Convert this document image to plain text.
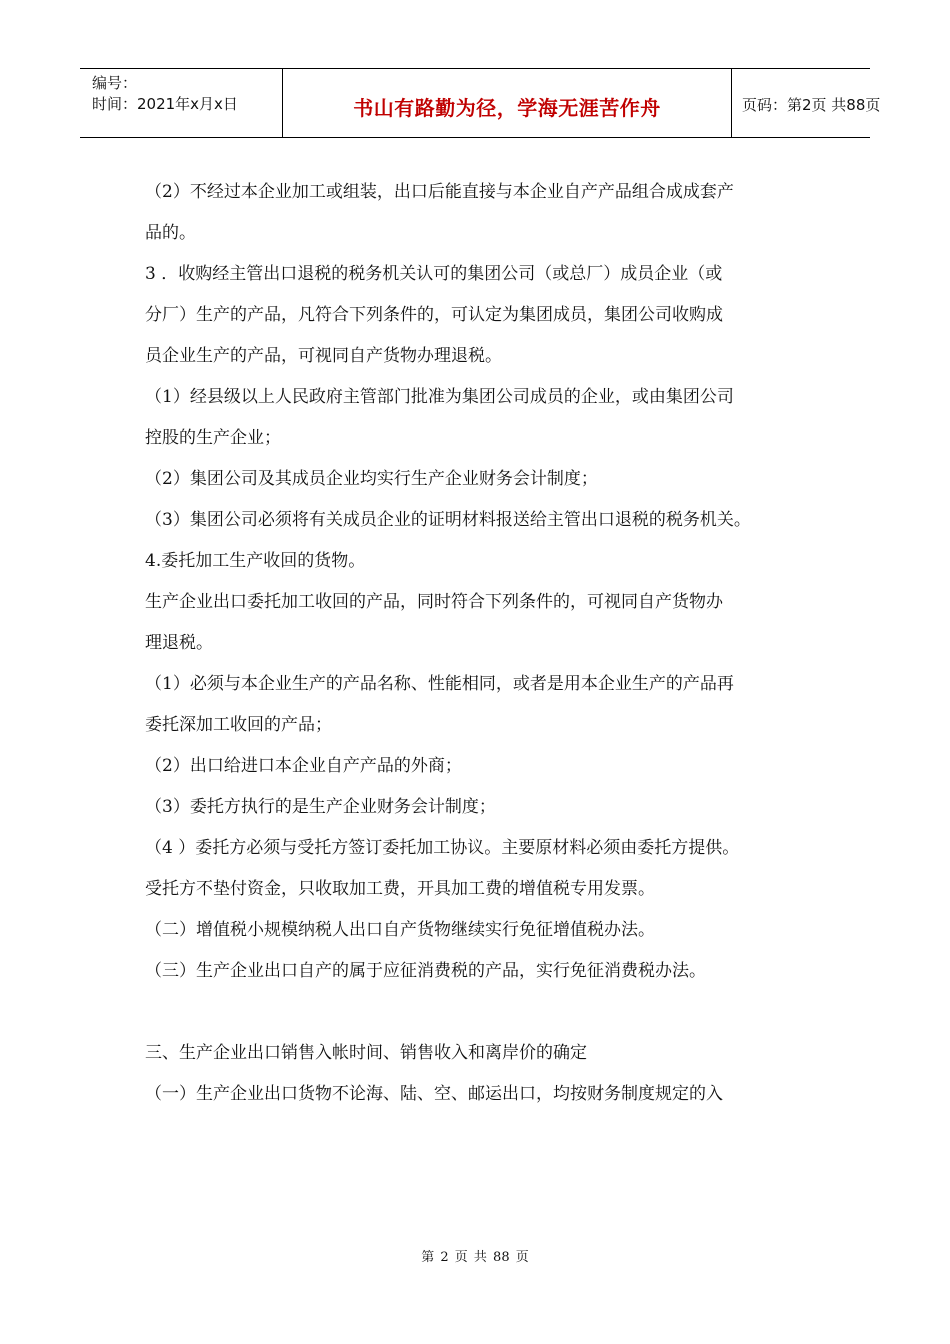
编号：
时间：2021年x月x日	书山有路勤为径，学海无涯苦作舟	页码：第2页 共88页

（2）不经过本企业加工或组装，出口后能直接与本企业自产产品组合成成套产

品的。

3 ．收购经主管出口退税的税务机关认可的集团公司（或总厂）成员企业（或

分厂）生产的产品，凡符合下列条件的，可认定为集团成员，集团公司收购成

员企业生产的产品，可视同自产货物办理退税。

（1）经县级以上人民政府主管部门批准为集团公司成员的企业，或由集团公司

控股的生产企业；

（2）集团公司及其成员企业均实行生产企业财务会计制度；

（3）集团公司必须将有关成员企业的证明材料报送给主管出口退税的税务机关。

4.委托加工生产收回的货物。

生产企业出口委托加工收回的产品，同时符合下列条件的，可视同自产货物办

理退税。

（1）必须与本企业生产的产品名称、性能相同，或者是用本企业生产的产品再

委托深加工收回的产品；

（2）出口给进口本企业自产产品的外商；

（3）委托方执行的是生产企业财务会计制度；

（4 ）委托方必须与受托方签订委托加工协议。主要原材料必须由委托方提供。

受托方不垫付资金，只收取加工费，开具加工费的增值税专用发票。

（二）增值税小规模纳税人出口自产货物继续实行免征增值税办法。

（三）生产企业出口自产的属于应征消费税的产品，实行免征消费税办法。

三、生产企业出口销售入帐时间、销售收入和离岸价的确定

（一）生产企业出口货物不论海、陆、空、邮运出口，均按财务制度规定的入

第 2 页 共 88 页
